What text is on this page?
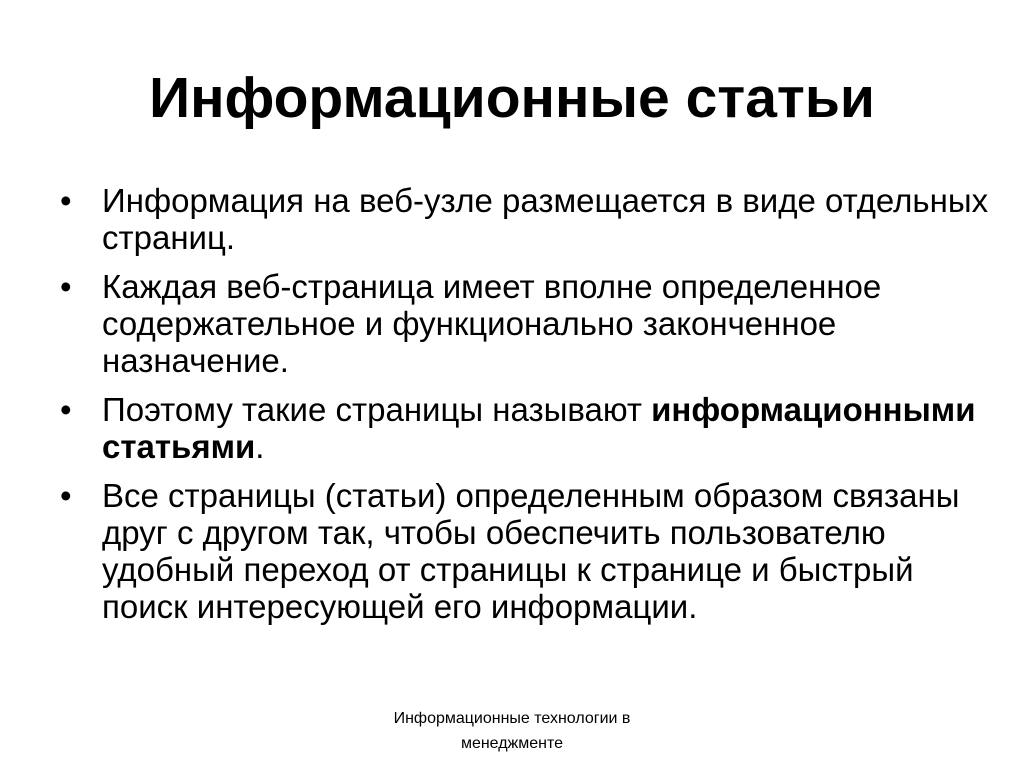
Информационные статьи
• Информация на веб-узле размещается в виде отдельных страниц.
• Каждая веб-страница имеет вполне определенное содержательное и функционально законченное назначение.
• Поэтому такие страницы называют информационными статьями.
• Все страницы (статьи) определенным образом связаны друг с другом так, чтобы обеспечить пользователю удобный переход от страницы к странице и быстрый поиск интересующей его информации.
Информационные технологии в
менеджменте
